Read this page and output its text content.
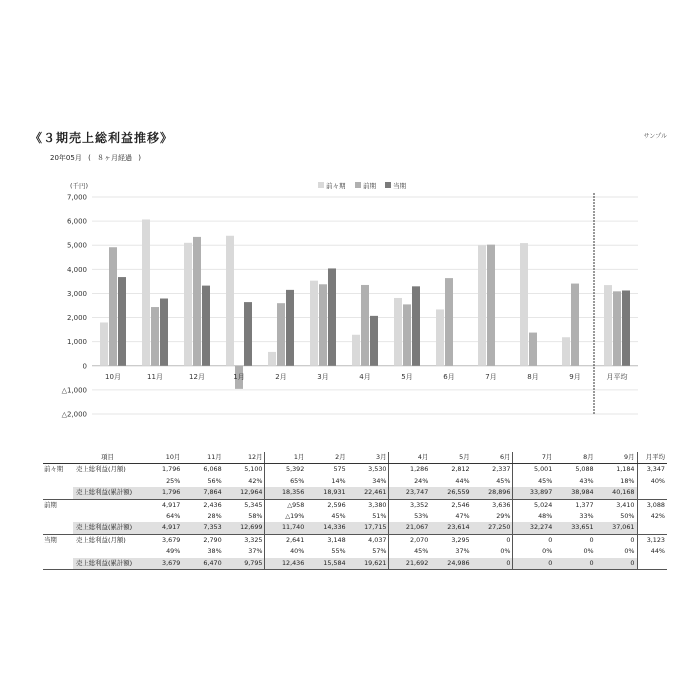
《３期売上総利益推移》	サンプル
20年05月 ( ８ヶ月経過 )
7,000
6,000
5,000
4,000
3,000
2,000
1,000
0
△1,000
△2,000
(千円)
10月	11月	12月	1月	2月	3月	4月	5月	6月	7月	8月	9月	月平均
前々期	前期	当期
	項目	10月	11月	12月	1月	2月	3月	4月	5月	6月	7月	8月	9月	月平均
前々期	売上総利益(月額)	1,796	6,068	5,100	5,392	575	3,530	1,286	2,812	2,337	5,001	5,088	1,184	3,347
		25%	56%	42%	65%	14%	34%	24%	44%	45%	45%	43%	18%	40%
	売上総利益(累計額)	1,796	7,864	12,964	18,356	18,931	22,461	23,747	26,559	28,896	33,897	38,984	40,168	
前期		4,917	2,436	5,345	△958	2,596	3,380	3,352	2,546	3,636	5,024	1,377	3,410	3,088
		64%	28%	58%	△19%	45%	51%	53%	47%	29%	48%	33%	50%	42%
	売上総利益(累計額)	4,917	7,353	12,699	11,740	14,336	17,715	21,067	23,614	27,250	32,274	33,651	37,061	
当期	売上総利益(月額)	3,679	2,790	3,325	2,641	3,148	4,037	2,070	3,295	0	0	0	0	3,123
		49%	38%	37%	40%	55%	57%	45%	37%	0%	0%	0%	0%	44%
	売上総利益(累計額)	3,679	6,470	9,795	12,436	15,584	19,621	21,692	24,986	0	0	0	0	
